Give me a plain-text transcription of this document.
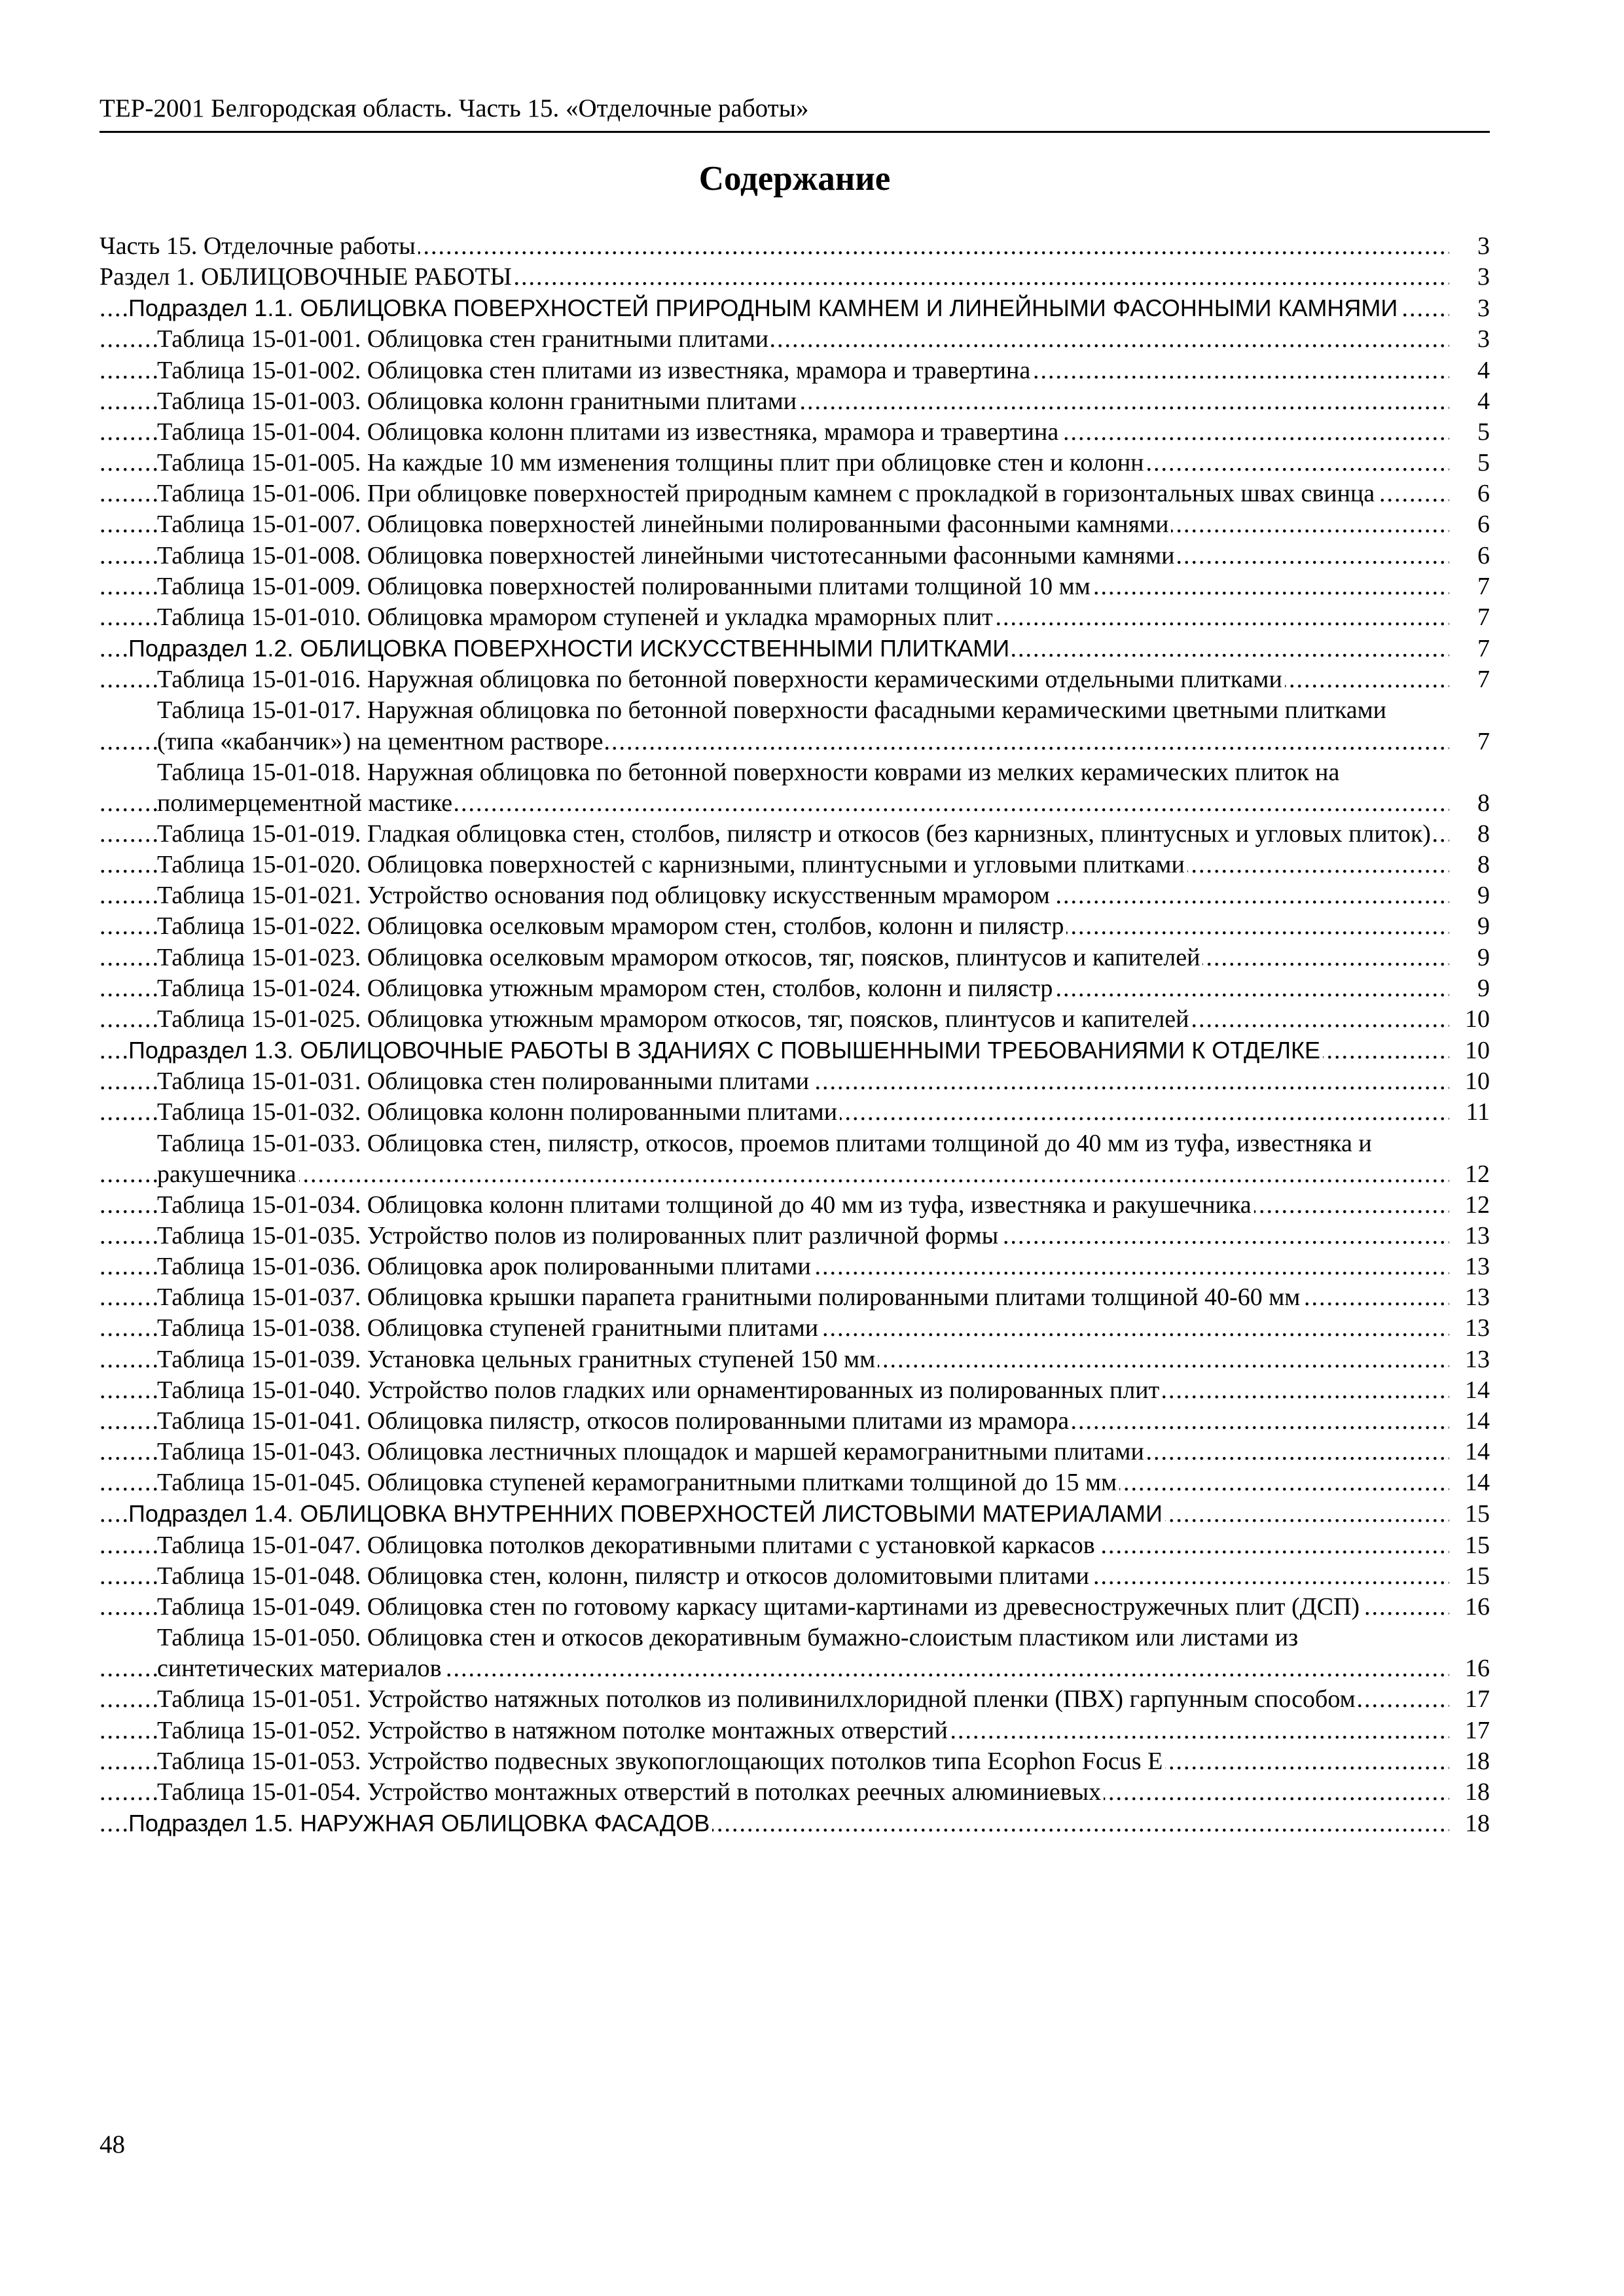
ТЕР-2001 Белгородская область. Часть 15. «Отделочные работы»
Содержание
.....
Часть 15. Отделочные работы	3
.....
Раздел 1. ОБЛИЦОВОЧНЫЕ РАБОТЫ	3
.....
Подраздел 1.1. ОБЛИЦОВКА ПОВЕРХНОСТЕЙ ПРИРОДНЫМ КАМНЕМ И ЛИНЕЙНЫМИ ФАСОННЫМИ КАМНЯМИ	3
.....
Таблица 15-01-001. Облицовка стен гранитными плитами	3
.....
Таблица 15-01-002. Облицовка стен плитами из известняка, мрамора и травертина	4
.....
Таблица 15-01-003. Облицовка колонн гранитными плитами	4
.....
Таблица 15-01-004. Облицовка колонн плитами из известняка, мрамора и травертина	5
.....
Таблица 15-01-005. На каждые 10 мм изменения толщины плит при облицовке стен и колонн	5
.....
Таблица 15-01-006. При облицовке поверхностей природным камнем с прокладкой в горизонтальных швах свинца	6
.....
Таблица 15-01-007. Облицовка поверхностей линейными полированными фасонными камнями	6
.....
Таблица 15-01-008. Облицовка поверхностей линейными чистотесанными фасонными камнями	6
.....
Таблица 15-01-009. Облицовка поверхностей полированными плитами толщиной 10 мм	7
.....
Таблица 15-01-010. Облицовка мрамором ступеней и укладка мраморных плит	7
.....
Подраздел 1.2. ОБЛИЦОВКА ПОВЕРХНОСТИ ИСКУССТВЕННЫМИ ПЛИТКАМИ	7
.....
Таблица 15-01-016. Наружная облицовка по бетонной поверхности керамическими отдельными плитками	7
.....
Таблица 15-01-017. Наружная облицовка по бетонной поверхности фасадными керамическими цветными плитками (типа «кабанчик») на цементном растворе	7
.....
Таблица 15-01-018. Наружная облицовка по бетонной поверхности коврами из мелких керамических плиток на полимерцементной мастике	8
.....
Таблица 15-01-019. Гладкая облицовка стен, столбов, пилястр и откосов (без карнизных, плинтусных и угловых плиток)	8
.....
Таблица 15-01-020. Облицовка поверхностей с карнизными, плинтусными и угловыми плитками	8
.....
Таблица 15-01-021. Устройство основания под облицовку искусственным мрамором	9
.....
Таблица 15-01-022. Облицовка оселковым мрамором стен, столбов, колонн и пилястр	9
.....
Таблица 15-01-023. Облицовка оселковым мрамором откосов, тяг, поясков, плинтусов и капителей	9
.....
Таблица 15-01-024. Облицовка утюжным мрамором стен, столбов, колонн и пилястр	9
.....
Таблица 15-01-025. Облицовка утюжным мрамором откосов, тяг, поясков, плинтусов и капителей	10
.....
Подраздел 1.3. ОБЛИЦОВОЧНЫЕ РАБОТЫ В ЗДАНИЯХ С ПОВЫШЕННЫМИ ТРЕБОВАНИЯМИ К ОТДЕЛКЕ	10
.....
Таблица 15-01-031. Облицовка стен полированными плитами	10
.....
Таблица 15-01-032. Облицовка колонн полированными плитами	11
.....
Таблица 15-01-033. Облицовка стен, пилястр, откосов, проемов плитами толщиной до 40 мм из туфа, известняка и ракушечника	12
.....
Таблица 15-01-034. Облицовка колонн плитами толщиной до 40 мм из туфа, известняка и ракушечника	12
.....
Таблица 15-01-035. Устройство полов из полированных плит различной формы	13
.....
Таблица 15-01-036. Облицовка арок полированными плитами	13
.....
Таблица 15-01-037. Облицовка крышки парапета гранитными полированными плитами толщиной 40-60 мм	13
.....
Таблица 15-01-038. Облицовка ступеней гранитными плитами	13
.....
Таблица 15-01-039. Установка цельных гранитных ступеней 150 мм	13
.....
Таблица 15-01-040. Устройство полов гладких или орнаментированных из полированных плит	14
.....
Таблица 15-01-041. Облицовка пилястр, откосов полированными плитами из мрамора	14
.....
Таблица 15-01-043. Облицовка лестничных площадок и маршей керамогранитными плитами	14
.....
Таблица 15-01-045. Облицовка ступеней керамогранитными плитками толщиной до 15 мм	14
.....
Подраздел 1.4. ОБЛИЦОВКА ВНУТРЕННИХ ПОВЕРХНОСТЕЙ ЛИСТОВЫМИ МАТЕРИАЛАМИ	15
.....
Таблица 15-01-047. Облицовка потолков декоративными плитами с установкой каркасов	15
.....
Таблица 15-01-048. Облицовка стен, колонн, пилястр и откосов доломитовыми плитами	15
.....
Таблица 15-01-049. Облицовка стен по готовому каркасу щитами-картинами из древесностружечных плит (ДСП)	16
.....
Таблица 15-01-050. Облицовка стен и откосов декоративным бумажно-слоистым пластиком или листами из синтетических материалов	16
.....
Таблица 15-01-051. Устройство натяжных потолков из поливинилхлоридной пленки (ПВХ) гарпунным способом	17
.....
Таблица 15-01-052. Устройство в натяжном потолке монтажных отверстий	17
.....
Таблица 15-01-053. Устройство подвесных звукопоглощающих потолков типа Ecophon Focus E	18
.....
Таблица 15-01-054. Устройство монтажных отверстий в потолках реечных алюминиевых	18
.....
Подраздел 1.5. НАРУЖНАЯ ОБЛИЦОВКА ФАСАДОВ	18
48
